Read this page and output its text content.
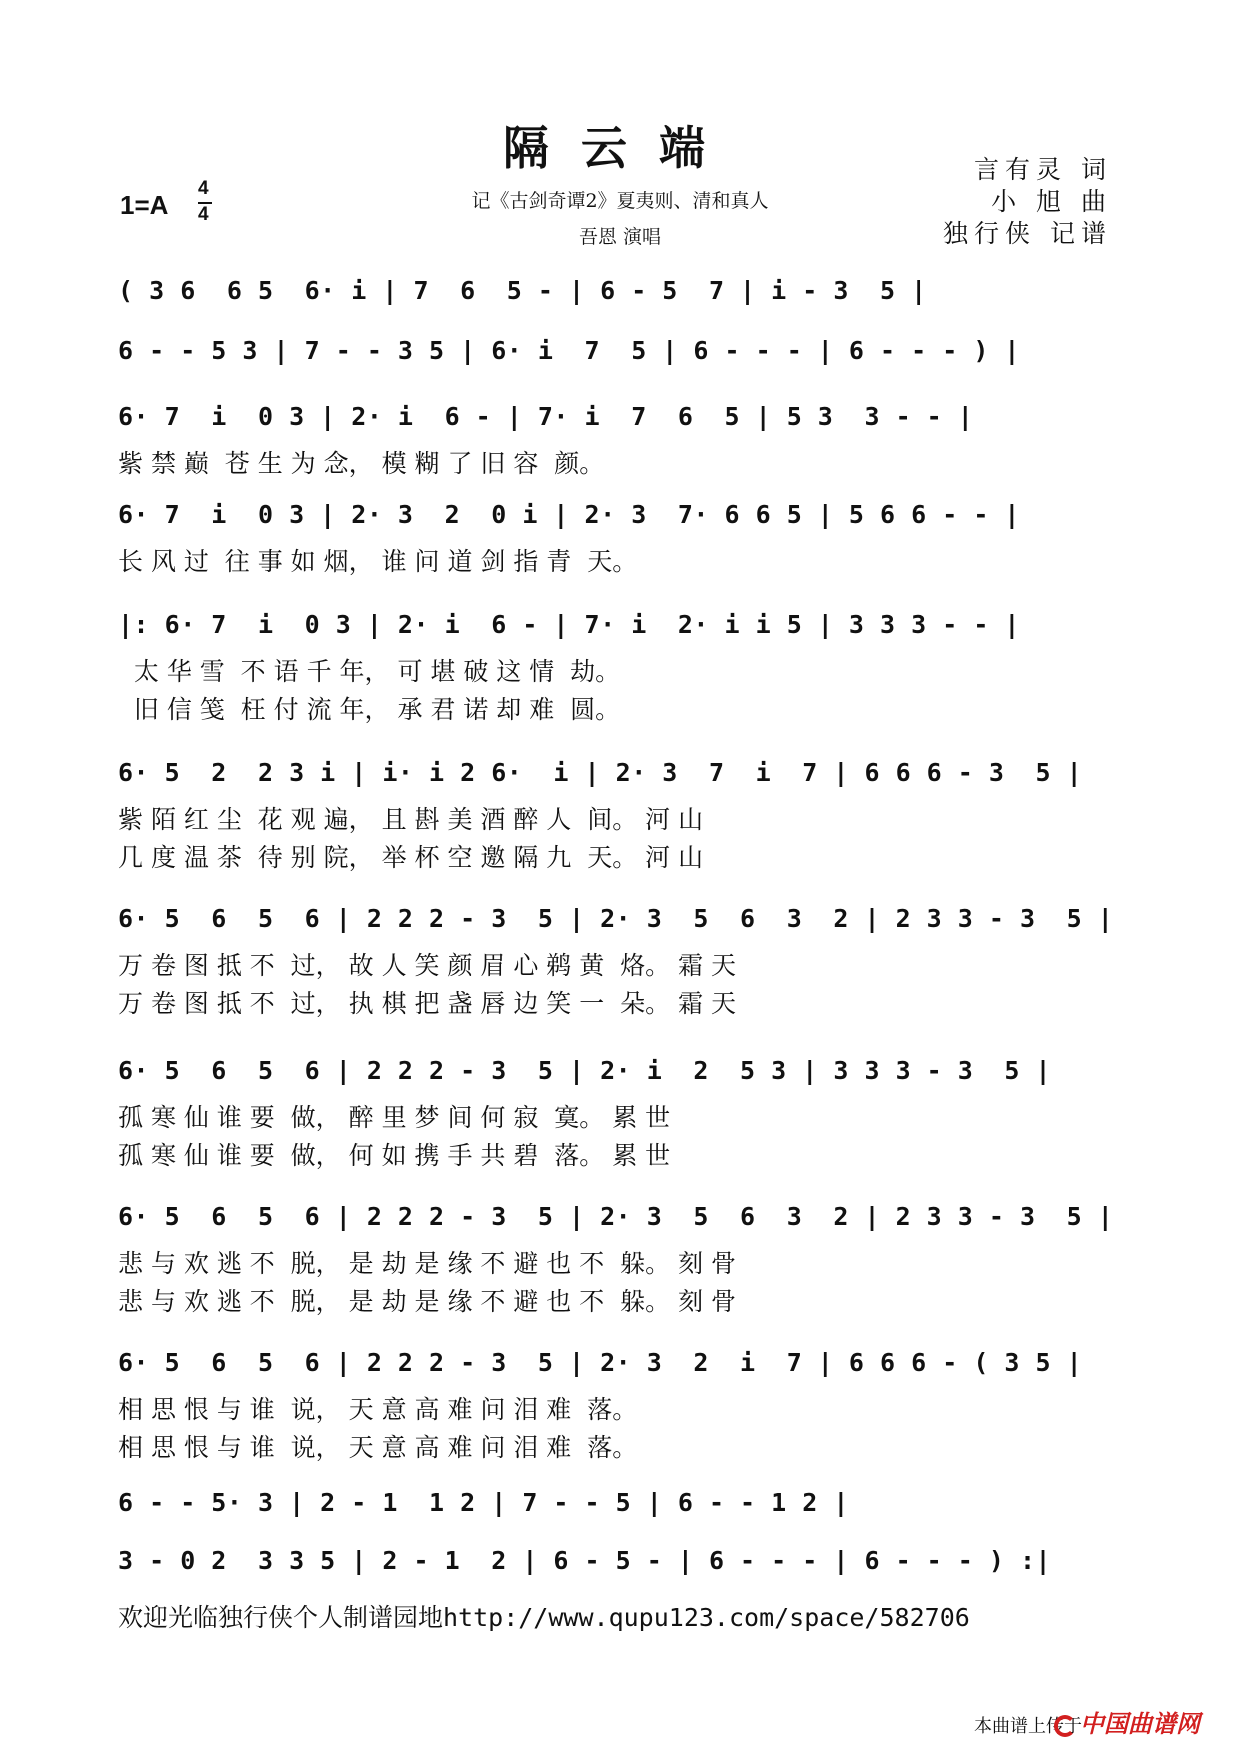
隔云端
记《古剑奇谭2》夏夷则、清和真人
吾恩 演唱
言有灵 词
小 旭 曲
独行侠 记谱
1=A
4
4
( 3 6  6 5  6· i | 7  6  5 - | 6 - 5  7 | i - 3  5 |
6 - - 5 3 | 7 - - 3 5 | 6· i  7  5 | 6 - - - | 6 - - - ) |
6· 7  i  0 3 | 2· i  6 - | 7· i  7  6  5 | 5 3  3 - - |
紫 禁 巅  苍 生 为 念， 模 糊 了 旧 容  颜。
6· 7  i  0 3 | 2· 3  2  0 i | 2· 3  7· 6 6 5 | 5 6 6 - - |
长 风 过  往 事 如 烟， 谁 问 道 剑 指 青  天。
|: 6· 7  i  0 3 | 2· i  6 - | 7· i  2· i i 5 | 3 3 3 - - |
太 华 雪  不 语 千 年， 可 堪 破 这 情  劫。
旧 信 笺  枉 付 流 年， 承 君 诺 却 难  圆。
6· 5  2  2 3 i | i· i 2 6·  i | 2· 3  7  i  7 | 6 6 6 - 3  5 |
紫 陌 红 尘  花 观 遍， 且 斟 美 酒 醉 人  间。 河 山
几 度 温 茶  待 别 院， 举 杯 空 邀 隔 九  天。 河 山
6· 5  6  5  6 | 2 2 2 - 3  5 | 2· 3  5  6  3  2 | 2 3 3 - 3  5 |
万 卷 图 抵 不  过， 故 人 笑 颜 眉 心 鹈 黄  烙。 霜 天
万 卷 图 抵 不  过， 执 棋 把 盏 唇 边 笑 一  朵。 霜 天
6· 5  6  5  6 | 2 2 2 - 3  5 | 2· i  2  5 3 | 3 3 3 - 3  5 |
孤 寒 仙 谁 要  做， 醉 里 梦 间 何 寂  寞。 累 世
孤 寒 仙 谁 要  做， 何 如 携 手 共 碧  落。 累 世
6· 5  6  5  6 | 2 2 2 - 3  5 | 2· 3  5  6  3  2 | 2 3 3 - 3  5 |
悲 与 欢 逃 不  脱， 是 劫 是 缘 不 避 也 不  躲。 刻 骨
悲 与 欢 逃 不  脱， 是 劫 是 缘 不 避 也 不  躲。 刻 骨
6· 5  6  5  6 | 2 2 2 - 3  5 | 2· 3  2  i  7 | 6 6 6 - ( 3 5 |
相 思 恨 与 谁  说， 天 意 高 难 问 泪 难  落。
相 思 恨 与 谁  说， 天 意 高 难 问 泪 难  落。
6 - - 5· 3 | 2 - 1  1 2 | 7 - - 5 | 6 - - 1 2 |
3 - 0 2  3 3 5 | 2 - 1  2 | 6 - 5 - | 6 - - - | 6 - - - ) :|
欢迎光临独行侠个人制谱园地http://www.qupu123.com/space/582706
本曲谱上传于
中国曲谱网
